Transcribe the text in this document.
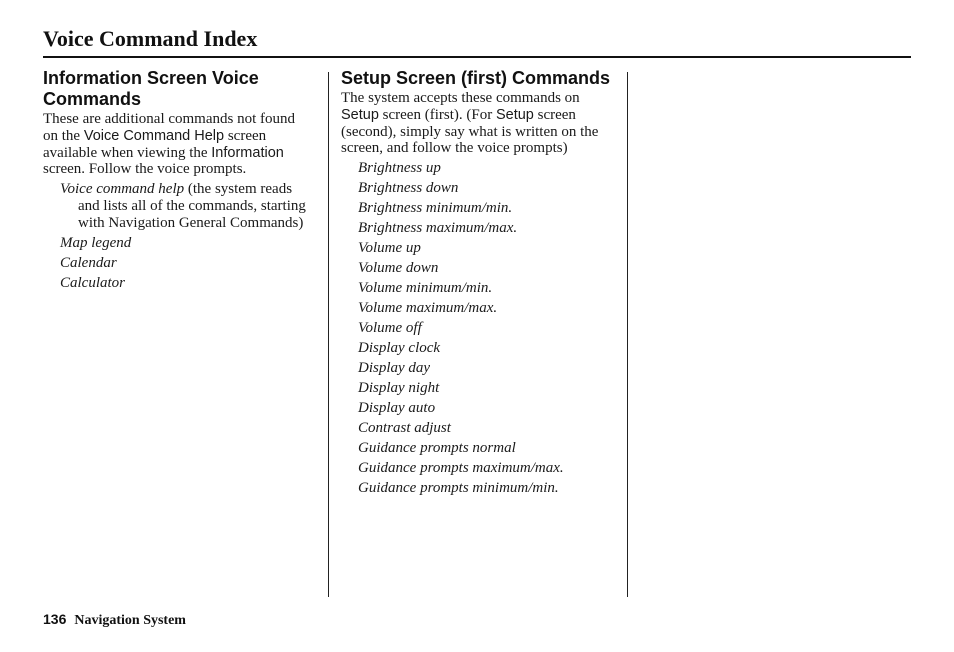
Voice Command Index
Information Screen Voice Commands

These are additional commands not found on the Voice Command Help screen available when viewing the Information screen. Follow the voice prompts.

Voice command help (the system reads and lists all of the commands, starting with Navigation General Commands)
Map legend
Calendar
Calculator
Setup Screen (first) Commands

The system accepts these commands on Setup screen (first). (For Setup screen (second), simply say what is written on the screen, and follow the voice prompts)

Brightness up
Brightness down
Brightness minimum/min.
Brightness maximum/max.
Volume up
Volume down
Volume minimum/min.
Volume maximum/max.
Volume off
Display clock
Display day
Display night
Display auto
Contrast adjust
Guidance prompts normal
Guidance prompts maximum/max.
Guidance prompts minimum/min.
136 Navigation System
